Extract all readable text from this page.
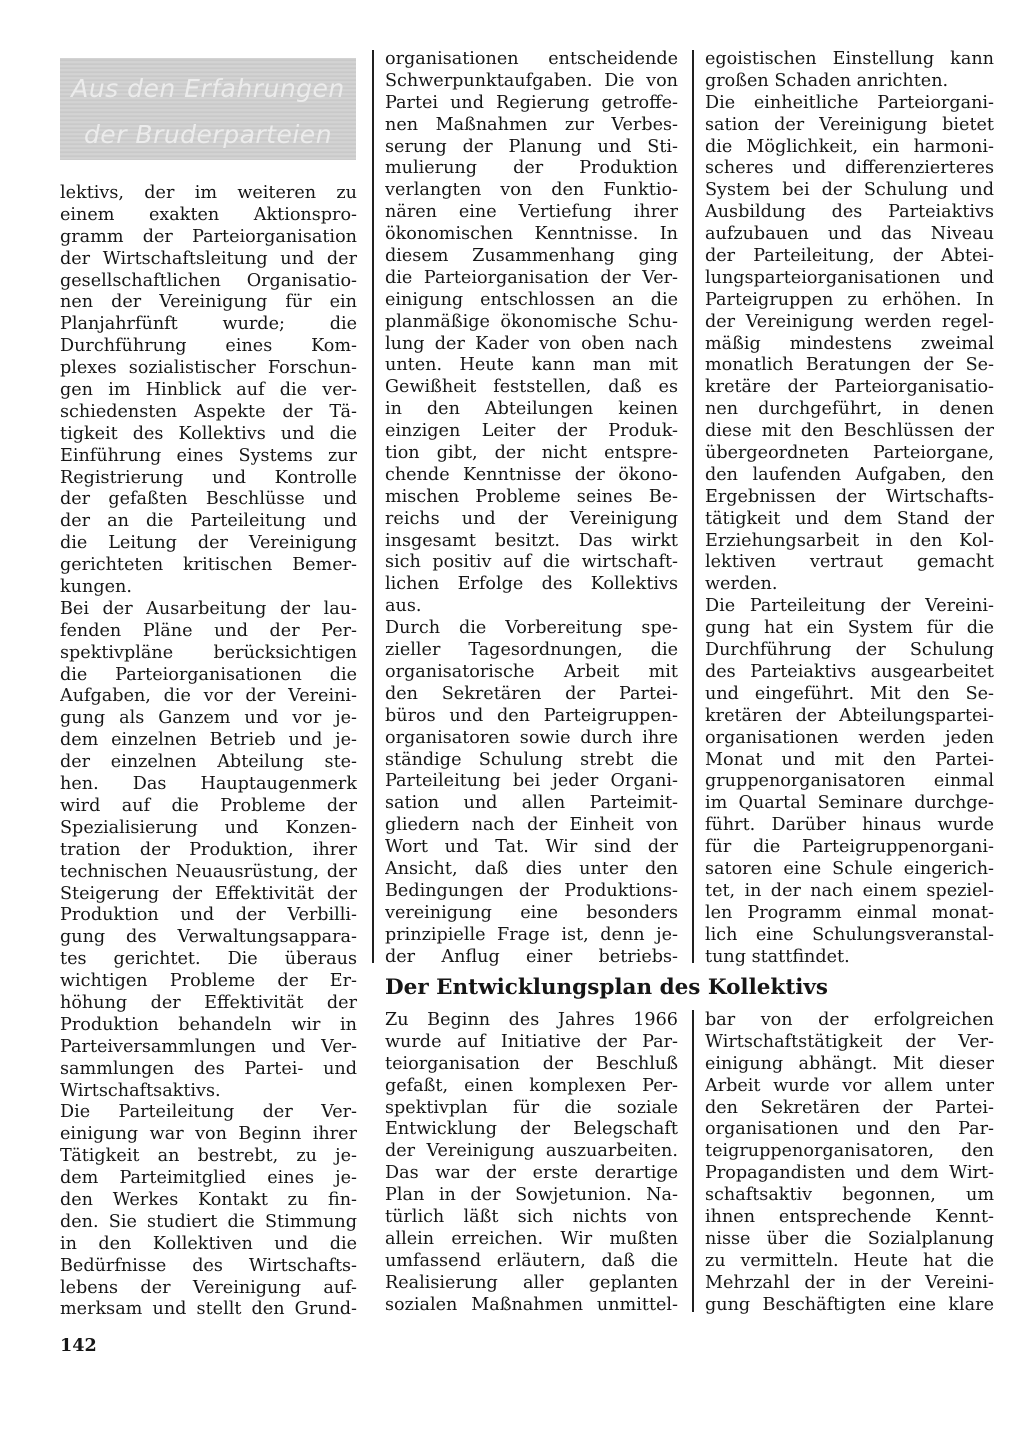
Aus den Erfahrungen
der Bruderparteien
lektivs, der im weiteren zu
einem exakten Aktionspro-
gramm der Parteiorganisation
der Wirtschaftsleitung und der
gesellschaftlichen Organisatio-
nen der Vereinigung für ein
Planjahrfünft wurde; die
Durchführung eines Kom-
plexes sozialistischer Forschun-
gen im Hinblick auf die ver-
schiedensten Aspekte der Tä-
tigkeit des Kollektivs und die
Einführung eines Systems zur
Registrierung und Kontrolle
der gefaßten Beschlüsse und
der an die Parteileitung und
die Leitung der Vereinigung
gerichteten kritischen Bemer-
kungen.
Bei der Ausarbeitung der lau-
fenden Pläne und der Per-
spektivpläne berücksichtigen
die Parteiorganisationen die
Aufgaben, die vor der Vereini-
gung als Ganzem und vor je-
dem einzelnen Betrieb und je-
der einzelnen Abteilung ste-
hen. Das Hauptaugenmerk
wird auf die Probleme der
Spezialisierung und Konzen-
tration der Produktion, ihrer
technischen Neuausrüstung, der
Steigerung der Effektivität der
Produktion und der Verbilli-
gung des Verwaltungsappara-
tes gerichtet. Die überaus
wichtigen Probleme der Er-
höhung der Effektivität der
Produktion behandeln wir in
Parteiversammlungen und Ver-
sammlungen des Partei- und
Wirtschaftsaktivs.
Die Parteileitung der Ver-
einigung war von Beginn ihrer
Tätigkeit an bestrebt, zu je-
dem Parteimitglied eines je-
den Werkes Kontakt zu fin-
den. Sie studiert die Stimmung
in den Kollektiven und die
Bedürfnisse des Wirtschafts-
lebens der Vereinigung auf-
merksam und stellt den Grund-
organisationen entscheidende
Schwerpunktaufgaben. Die von
Partei und Regierung getroffe-
nen Maßnahmen zur Verbes-
serung der Planung und Sti-
mulierung der Produktion
verlangten von den Funktio-
nären eine Vertiefung ihrer
ökonomischen Kenntnisse. In
diesem Zusammenhang ging
die Parteiorganisation der Ver-
einigung entschlossen an die
planmäßige ökonomische Schu-
lung der Kader von oben nach
unten. Heute kann man mit
Gewißheit feststellen, daß es
in den Abteilungen keinen
einzigen Leiter der Produk-
tion gibt, der nicht entspre-
chende Kenntnisse der ökono-
mischen Probleme seines Be-
reichs und der Vereinigung
insgesamt besitzt. Das wirkt
sich positiv auf die wirtschaft-
lichen Erfolge des Kollektivs
aus.
Durch die Vorbereitung spe-
zieller Tagesordnungen, die
organisatorische Arbeit mit
den Sekretären der Partei-
büros und den Parteigruppen-
organisatoren sowie durch ihre
ständige Schulung strebt die
Parteileitung bei jeder Organi-
sation und allen Parteimit-
gliedern nach der Einheit von
Wort und Tat. Wir sind der
Ansicht, daß dies unter den
Bedingungen der Produktions-
vereinigung eine besonders
prinzipielle Frage ist, denn je-
der Anflug einer betriebs-
egoistischen Einstellung kann
großen Schaden anrichten.
Die einheitliche Parteiorgani-
sation der Vereinigung bietet
die Möglichkeit, ein harmoni-
scheres und differenzierteres
System bei der Schulung und
Ausbildung des Parteiaktivs
aufzubauen und das Niveau
der Parteileitung, der Abtei-
lungsparteiorganisationen und
Parteigruppen zu erhöhen. In
der Vereinigung werden regel-
mäßig mindestens zweimal
monatlich Beratungen der Se-
kretäre der Parteiorganisatio-
nen durchgeführt, in denen
diese mit den Beschlüssen der
übergeordneten Parteiorgane,
den laufenden Aufgaben, den
Ergebnissen der Wirtschafts-
tätigkeit und dem Stand der
Erziehungsarbeit in den Kol-
lektiven vertraut gemacht
werden.
Die Parteileitung der Vereini-
gung hat ein System für die
Durchführung der Schulung
des Parteiaktivs ausgearbeitet
und eingeführt. Mit den Se-
kretären der Abteilungspartei-
organisationen werden jeden
Monat und mit den Partei-
gruppenorganisatoren einmal
im Quartal Seminare durchge-
führt. Darüber hinaus wurde
für die Parteigruppenorgani-
satoren eine Schule eingerich-
tet, in der nach einem speziel-
len Programm einmal monat-
lich eine Schulungsveranstal-
tung stattfindet.
Der Entwicklungsplan des Kollektivs
Zu Beginn des Jahres 1966
wurde auf Initiative der Par-
teiorganisation der Beschluß
gefaßt, einen komplexen Per-
spektivplan für die soziale
Entwicklung der Belegschaft
der Vereinigung auszuarbeiten.
Das war der erste derartige
Plan in der Sowjetunion. Na-
türlich läßt sich nichts von
allein erreichen. Wir mußten
umfassend erläutern, daß die
Realisierung aller geplanten
sozialen Maßnahmen unmittel-
bar von der erfolgreichen
Wirtschaftstätigkeit der Ver-
einigung abhängt. Mit dieser
Arbeit wurde vor allem unter
den Sekretären der Partei-
organisationen und den Par-
teigruppenorganisatoren, den
Propagandisten und dem Wirt-
schaftsaktiv begonnen, um
ihnen entsprechende Kennt-
nisse über die Sozialplanung
zu vermitteln. Heute hat die
Mehrzahl der in der Vereini-
gung Beschäftigten eine klare
142
